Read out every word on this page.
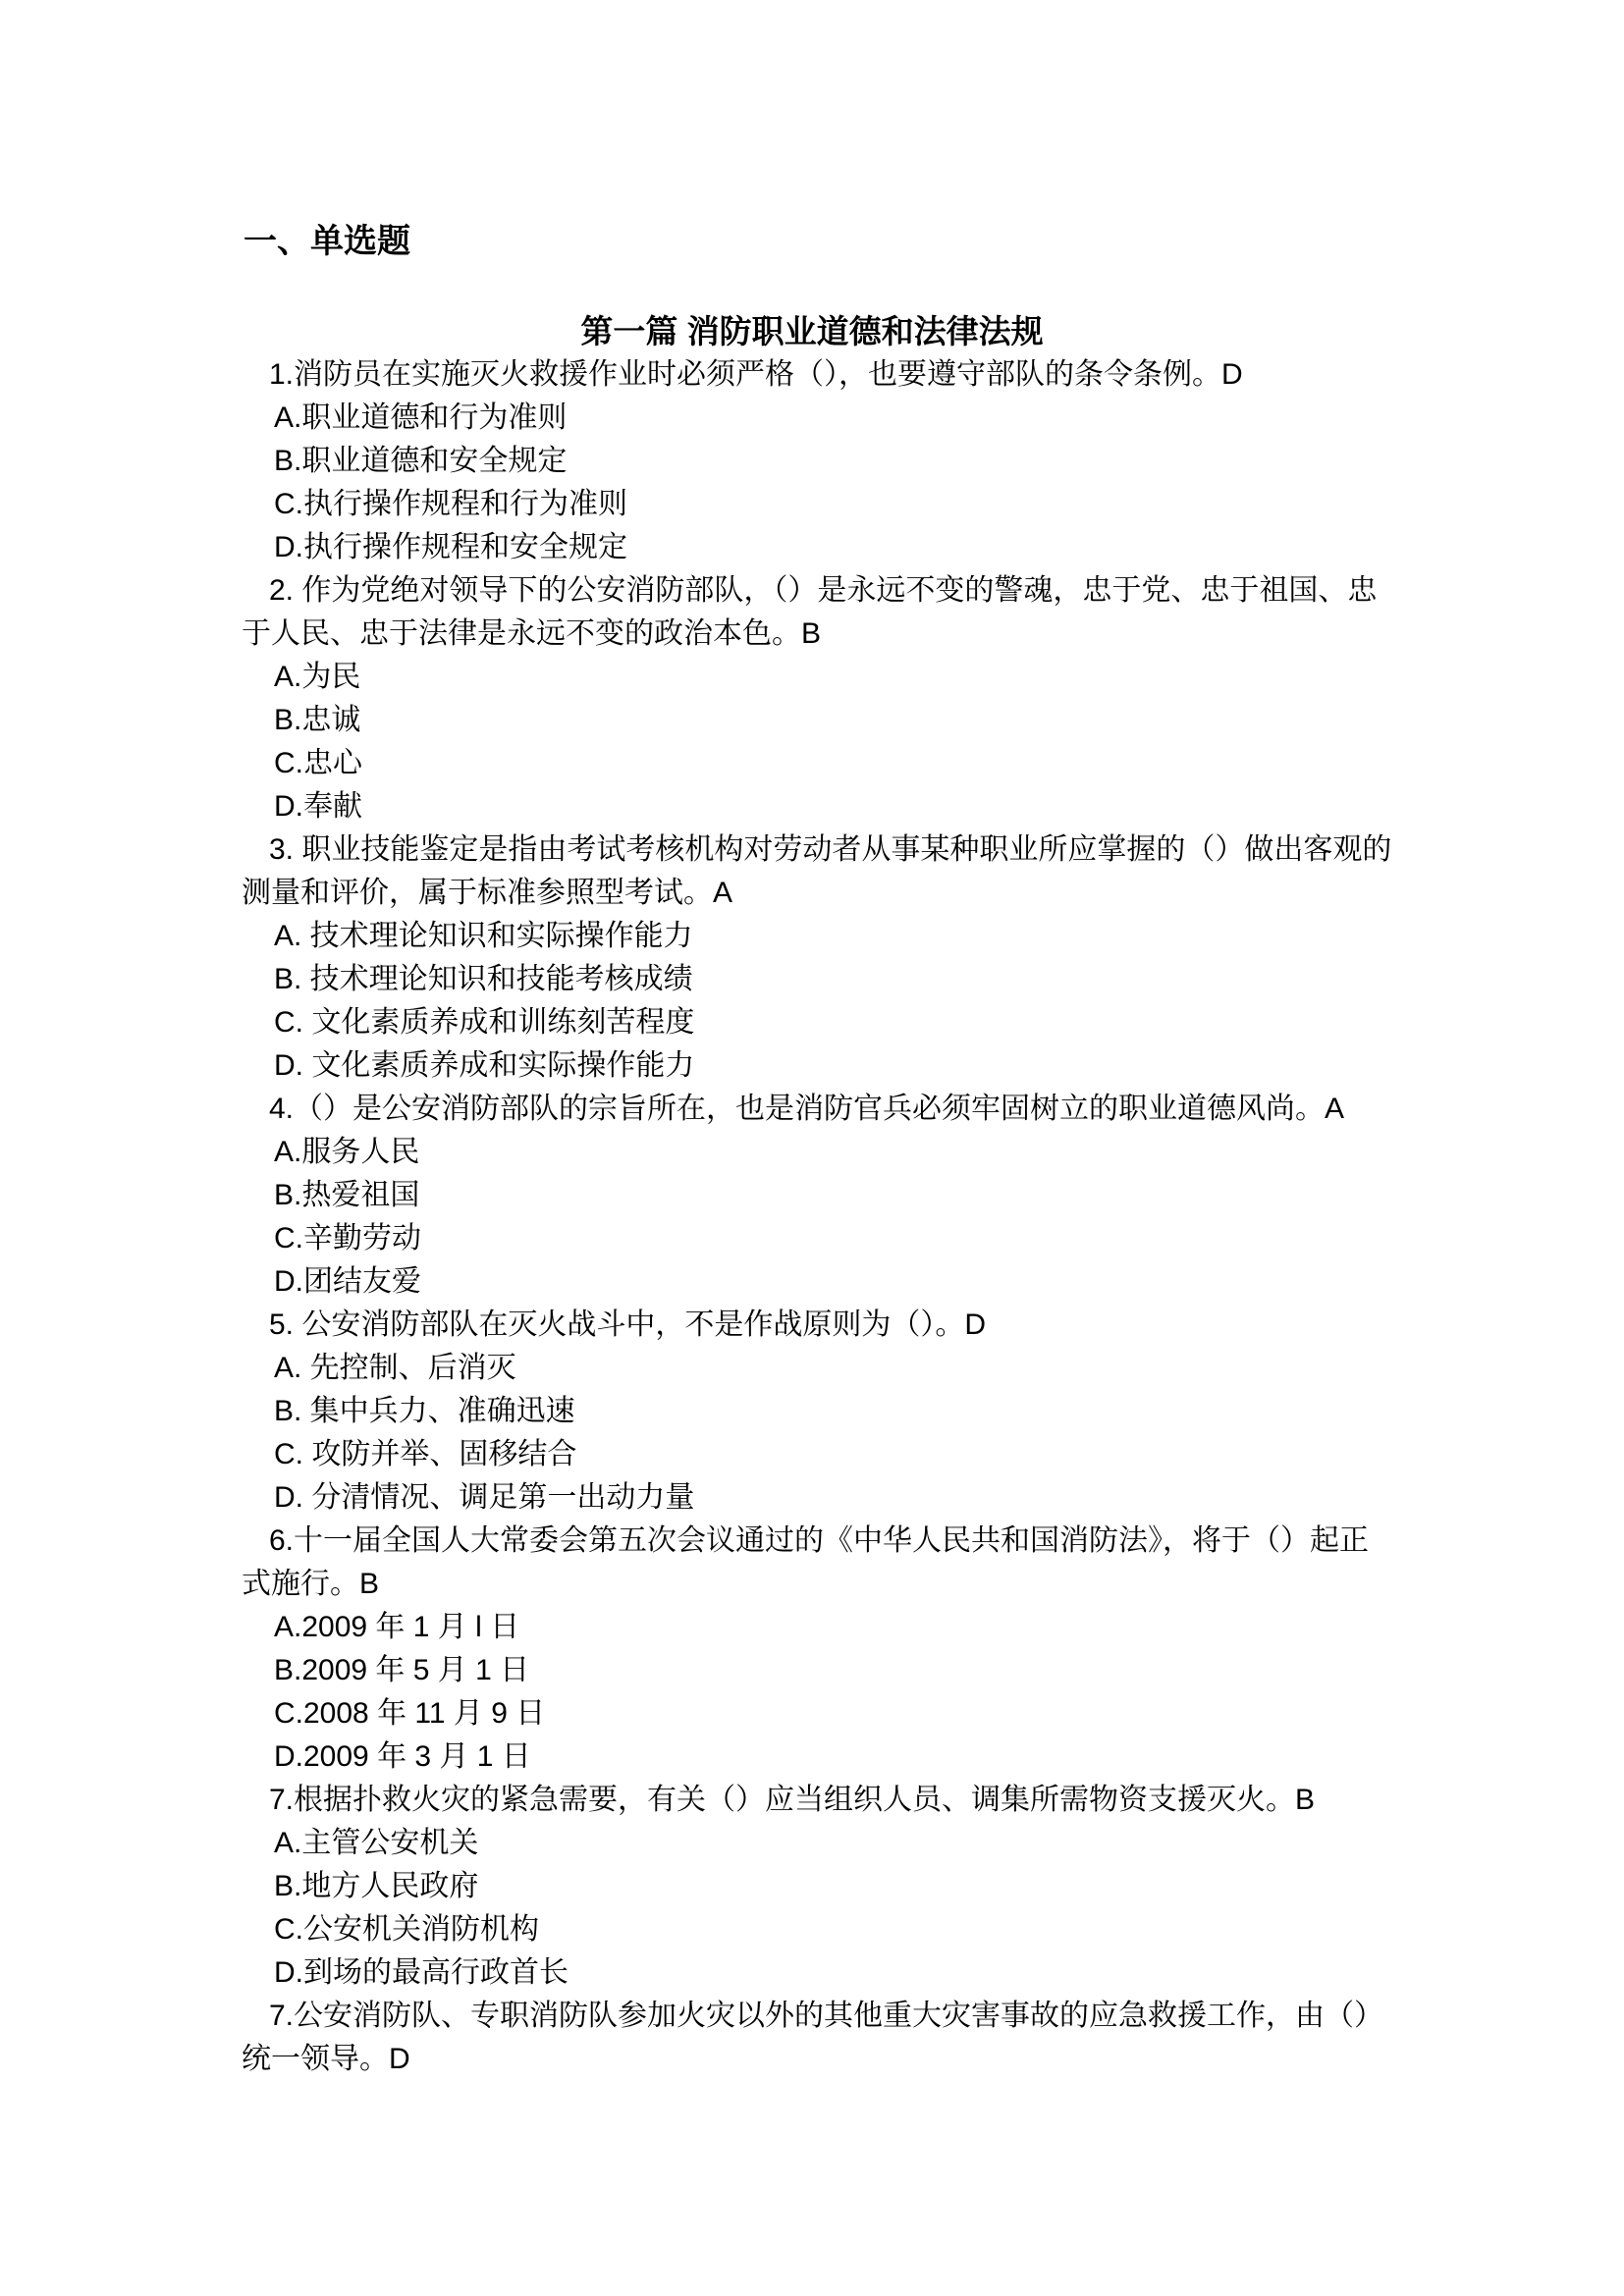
一、单选题
第一篇 消防职业道德和法律法规
1.消防员在实施灭火救援作业时必须严格（），也要遵守部队的条令条例。D
A.职业道德和行为准则
B.职业道德和安全规定
C.执行操作规程和行为准则
D.执行操作规程和安全规定
2. 作为党绝对领导下的公安消防部队，（）是永远不变的警魂，忠于党、忠于祖国、忠
于人民、忠于法律是永远不变的政治本色。B
A.为民
B.忠诚
C.忠心
D.奉献
3. 职业技能鉴定是指由考试考核机构对劳动者从事某种职业所应掌握的（）做出客观的
测量和评价，属于标准参照型考试。A
A. 技术理论知识和实际操作能力
B. 技术理论知识和技能考核成绩
C. 文化素质养成和训练刻苦程度
D. 文化素质养成和实际操作能力
4.（）是公安消防部队的宗旨所在，也是消防官兵必须牢固树立的职业道德风尚。A
A.服务人民
B.热爱祖国
C.辛勤劳动
D.团结友爱
5. 公安消防部队在灭火战斗中，不是作战原则为（）。D
A. 先控制、后消灭
B. 集中兵力、准确迅速
C. 攻防并举、固移结合
D. 分清情况、调足第一出动力量
6.十一届全国人大常委会第五次会议通过的《中华人民共和国消防法》，将于（）起正
式施行。B
A.2009 年 1 月 l 日
B.2009 年 5 月 1 日
C.2008 年 11 月 9 日
D.2009 年 3 月 1 日
7.根据扑救火灾的紧急需要，有关（）应当组织人员、调集所需物资支援灭火。B
A.主管公安机关
B.地方人民政府
C.公安机关消防机构
D.到场的最高行政首长
7.公安消防队、专职消防队参加火灾以外的其他重大灾害事故的应急救援工作，由（）
统一领导。D
